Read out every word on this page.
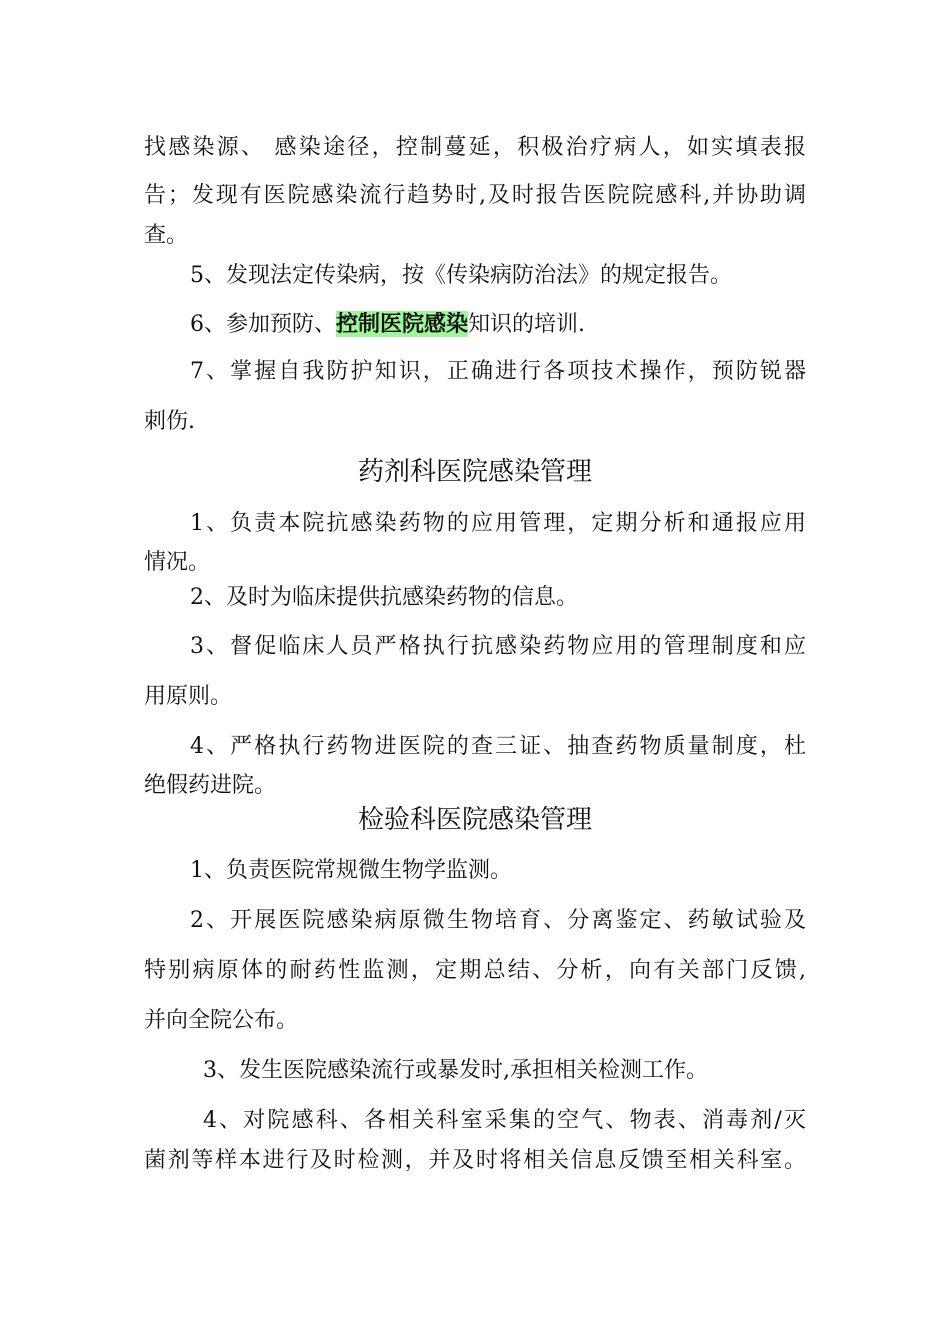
找感染源、 感染途径，控制蔓延，积极治疗病人，如实填表报
告；发现有医院感染流行趋势时,及时报告医院院感科,并协助调
查。
5、发现法定传染病，按《传染病防治法》的规定报告。
6、参加预防、控制医院感染知识的培训.
7、掌握自我防护知识，正确进行各项技术操作，预防锐器
刺伤.
药剂科医院感染管理
1、负责本院抗感染药物的应用管理，定期分析和通报应用
情况。
2、及时为临床提供抗感染药物的信息。
3、督促临床人员严格执行抗感染药物应用的管理制度和应
用原则。
4、严格执行药物进医院的查三证、抽查药物质量制度，杜
绝假药进院。
检验科医院感染管理
1、负责医院常规微生物学监测。
2、开展医院感染病原微生物培育、分离鉴定、药敏试验及
特别病原体的耐药性监测，定期总结、分析，向有关部门反馈,
并向全院公布。
3、发生医院感染流行或暴发时,承担相关检测工作。
4、对院感科、各相关科室采集的空气、物表、消毒剂/灭
菌剂等样本进行及时检测，并及时将相关信息反馈至相关科室。
